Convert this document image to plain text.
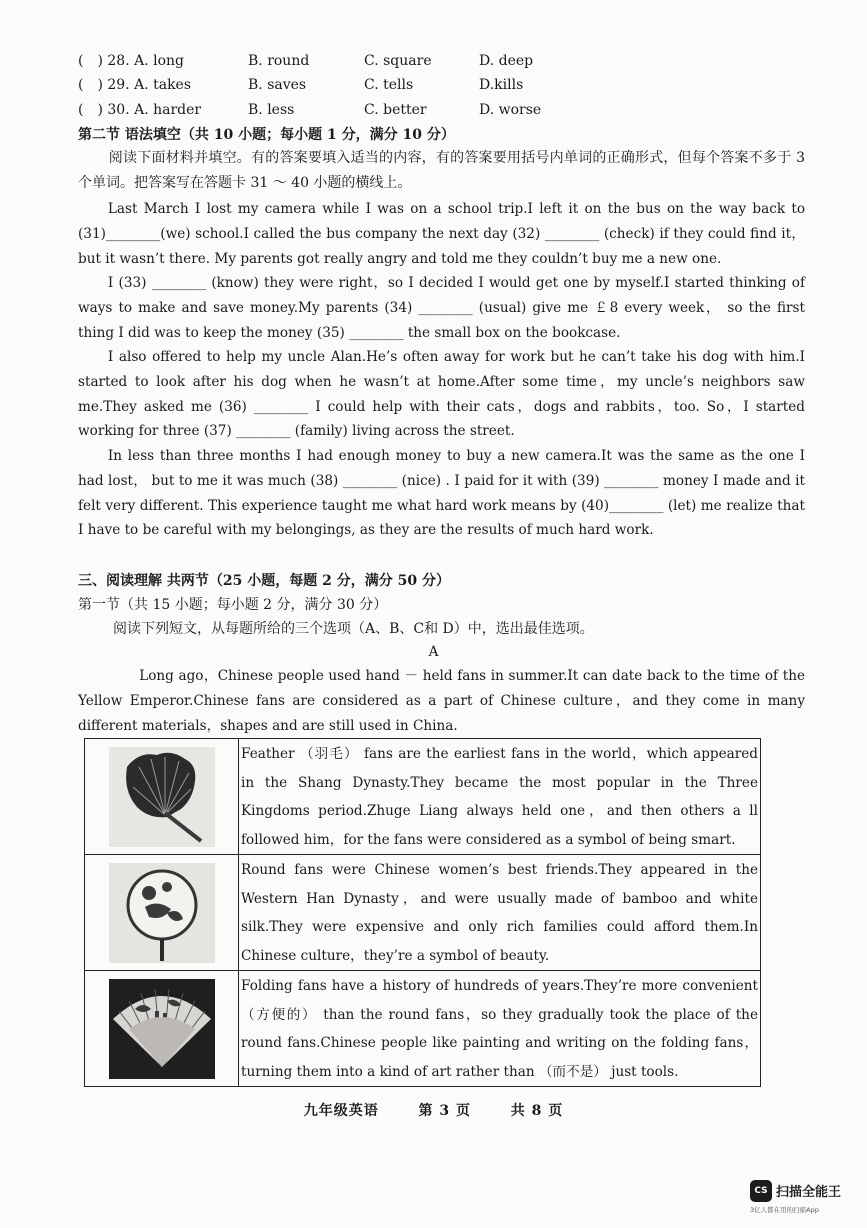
(　) 28. A. long	B. round	C. square	D. deep
(　) 29. A. takes	B. saves	C. tells	D.kills
(　) 30. A. harder	B. less	C. better	D. worse
第二节 语法填空（共 10 小题；每小题 1 分，满分 10 分）

阅读下面材料并填空。有的答案要填入适当的内容，有的答案要用括号内单词的正确形式，但每个答案不多于 3 个单词。把答案写在答题卡 31 ～ 40 小题的横线上。

Last March I lost my camera while I was on a school trip.I left it on the bus on the way back to (31)________(we) school.I called the bus company the next day (32) ________ (check) if they could find it，but it wasn’t there. My parents got really angry and told me they couldn’t buy me a new one.

I (33) ________ (know) they were right，so I decided I would get one by myself.I started thinking of ways to make and save money.My parents (34) ________ (usual) give me ￡8 every week， so the first thing I did was to keep the money (35) ________ the small box on the bookcase.

I also offered to help my uncle Alan.He’s often away for work but he can’t take his dog with him.I started to look after his dog when he wasn’t at home.After some time，my uncle’s neighbors saw me.They asked me (36) ________ I could help with their cats，dogs and rabbits，too. So，I started working for three (37) ________ (family) living across the street.

In less than three months I had enough money to buy a new camera.It was the same as the one I had lost， but to me it was much (38) ________ (nice) . I paid for it with (39) ________ money I made and it felt very different. This experience taught me what hard work means by (40)________ (let) me realize that I have to be careful with my belongings, as they are the results of much hard work.

三、阅读理解 共两节（25 小题，每题 2 分，满分 50 分）
第一节（共 15 小题；每小题 2 分，满分 30 分）
阅读下列短文，从每题所给的三个选项（A、B、C和 D）中，选出最佳选项。
A

Long ago，Chinese people used hand － held fans in summer.It can date back to the time of the Yellow Emperor.Chinese fans are considered as a part of Chinese culture，and they come in many different materials，shapes and are still used in China.

	Feather （羽毛） fans are the earliest fans in the world，which appeared in the Shang Dynasty.They became the most popular in the Three Kingdoms period.Zhuge Liang always held one，and then others a ll followed him，for the fans were considered as a symbol of being smart.

	Round fans were Chinese women’s best friends.They appeared in the Western Han Dynasty，and were usually made of bamboo and white silk.They were expensive and only rich families could afford them.In Chinese culture，they’re a symbol of beauty.

	Folding fans have a history of hundreds of years.They’re more convenient （方便的） than the round fans，so they gradually took the place of the round fans.Chinese people like painting and writing on the folding fans，turning them into a kind of art rather than （而不是） just tools.
九年级英语	第 3 页	共 8 页
CS 扫描全能王
3亿人都在用的扫描App
